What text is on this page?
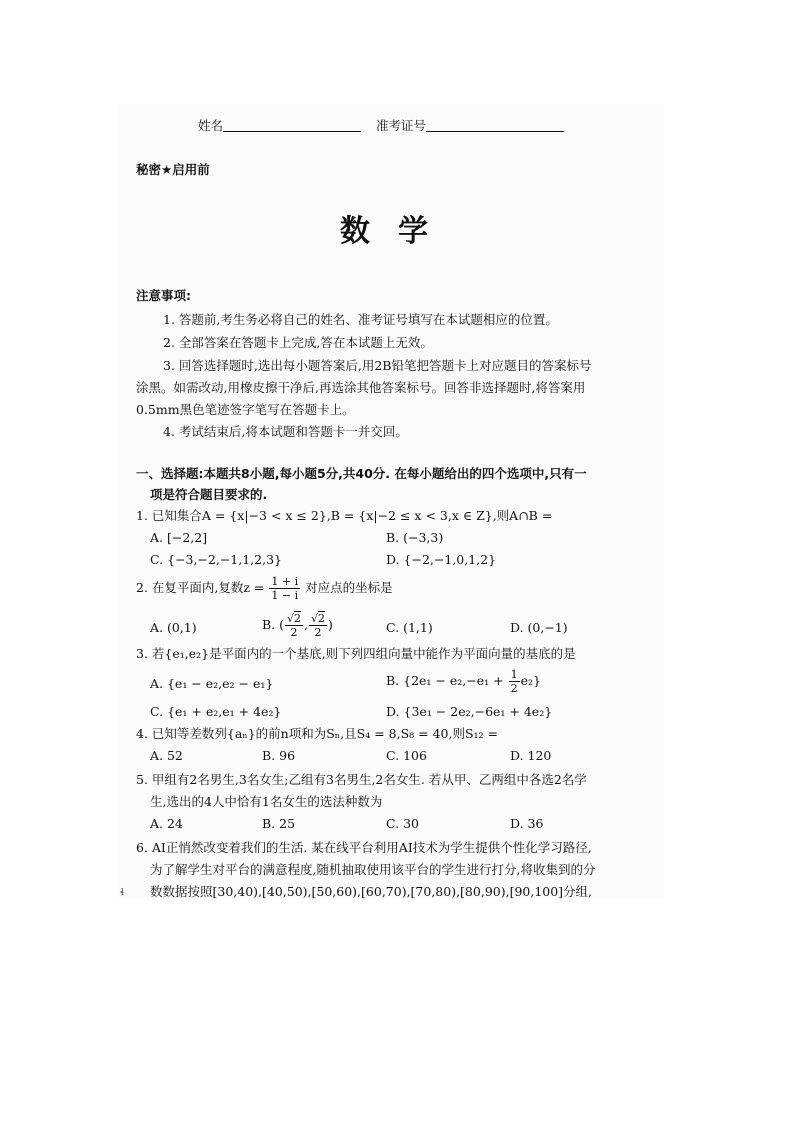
姓名	准考证号
秘密★启用前
数学
注意事项:
1. 答题前,考生务必将自己的姓名、准考证号填写在本试题相应的位置。
2. 全部答案在答题卡上完成,答在本试题上无效。
3. 回答选择题时,选出每小题答案后,用2B铅笔把答题卡上对应题目的答案标号
涂黑。如需改动,用橡皮擦干净后,再选涂其他答案标号。回答非选择题时,将答案用
0.5mm黑色笔迹签字笔写在答题卡上。
4. 考试结束后,将本试题和答题卡一并交回。
一、选择题:本题共8小题,每小题5分,共40分. 在每小题给出的四个选项中,只有一
项是符合题目要求的.
1. 已知集合A = {x|−3 < x ≤ 2},B = {x|−2 ≤ x < 3,x ∈ Z},则A∩B =
A. [−2,2]	B. (−3,3)
C. {−3,−2,−1,1,2,3}	D. {−2,−1,0,1,2}
2. 在复平面内,复数$z = \frac{1 + i}{1 - i}$ 对应点的坐标是
A. (0,1)	B. ( $\frac{√2}{2}$ , $\frac{√2}{2}$ )	C. (1,1)	D. (0,−1)
3. 若{e₁,e₂}是平面内的一个基底,则下列四组向量中能作为平面向量的基底的是
A. {e₁ − e₂,e₂ − e₁}	B. $\{2e_1 - e_2,-e_1 + \frac{1}{2} e_2\}$
C. {e₁ + e₂,e₁ + 4e₂}	D. {3e₁ − 2e₂,−6e₁ + 4e₂}
4. 已知等差数列{aₙ}的前n项和为Sₙ,且S₄ = 8,S₈ = 40,则S₁₂ =
A. 52	B. 96	C. 106	D. 120
5. 甲组有2名男生,3名女生;乙组有3名男生,2名女生. 若从甲、乙两组中各选2名学
生,选出的4人中恰有1名女生的选法种数为
A. 24	B. 25	C. 30	D. 36
6. AI正悄然改变着我们的生活. 某在线平台利用AI技术为学生提供个性化学习路径,
为了解学生对平台的满意程度,随机抽取使用该平台的学生进行打分,将收集到的分
数数据按照[30,40),[40,50),[50,60),[60,70),[70,80),[80,90),[90,100]分组,
ɬ
